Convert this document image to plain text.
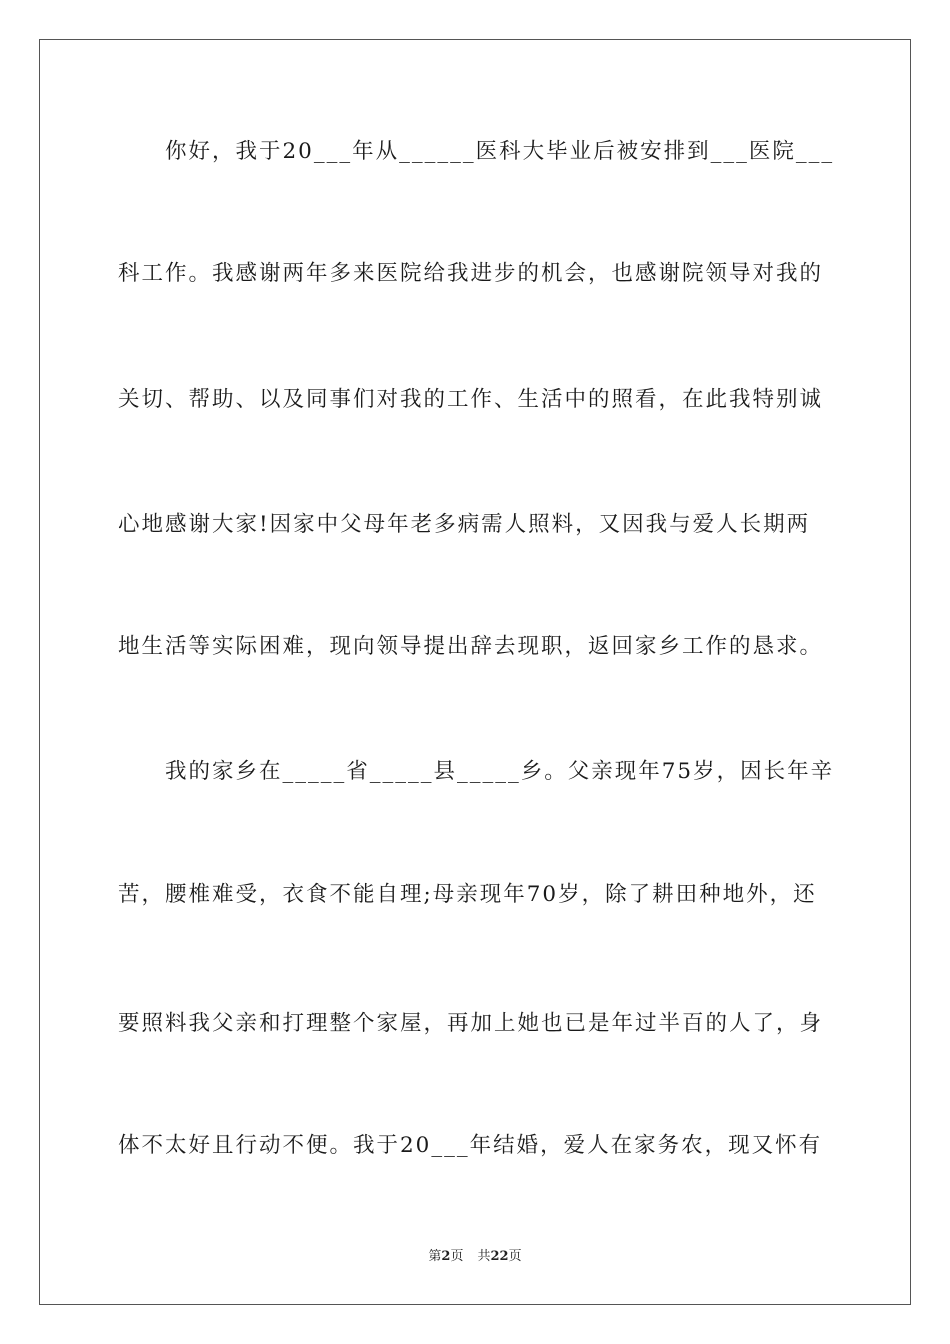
你好，我于20___年从______医科大毕业后被安排到___医院___
科工作。我感谢两年多来医院给我进步的机会，也感谢院领导对我的
关切、帮助、以及同事们对我的工作、生活中的照看，在此我特别诚
心地感谢大家!因家中父母年老多病需人照料，又因我与爱人长期两
地生活等实际困难，现向领导提出辞去现职，返回家乡工作的恳求。
我的家乡在_____省_____县_____乡。父亲现年75岁，因长年辛
苦，腰椎难受，衣食不能自理;母亲现年70岁，除了耕田种地外，还
要照料我父亲和打理整个家屋，再加上她也已是年过半百的人了，身
体不太好且行动不便。我于20___年结婚，爱人在家务农，现又怀有
第2页 共22页
